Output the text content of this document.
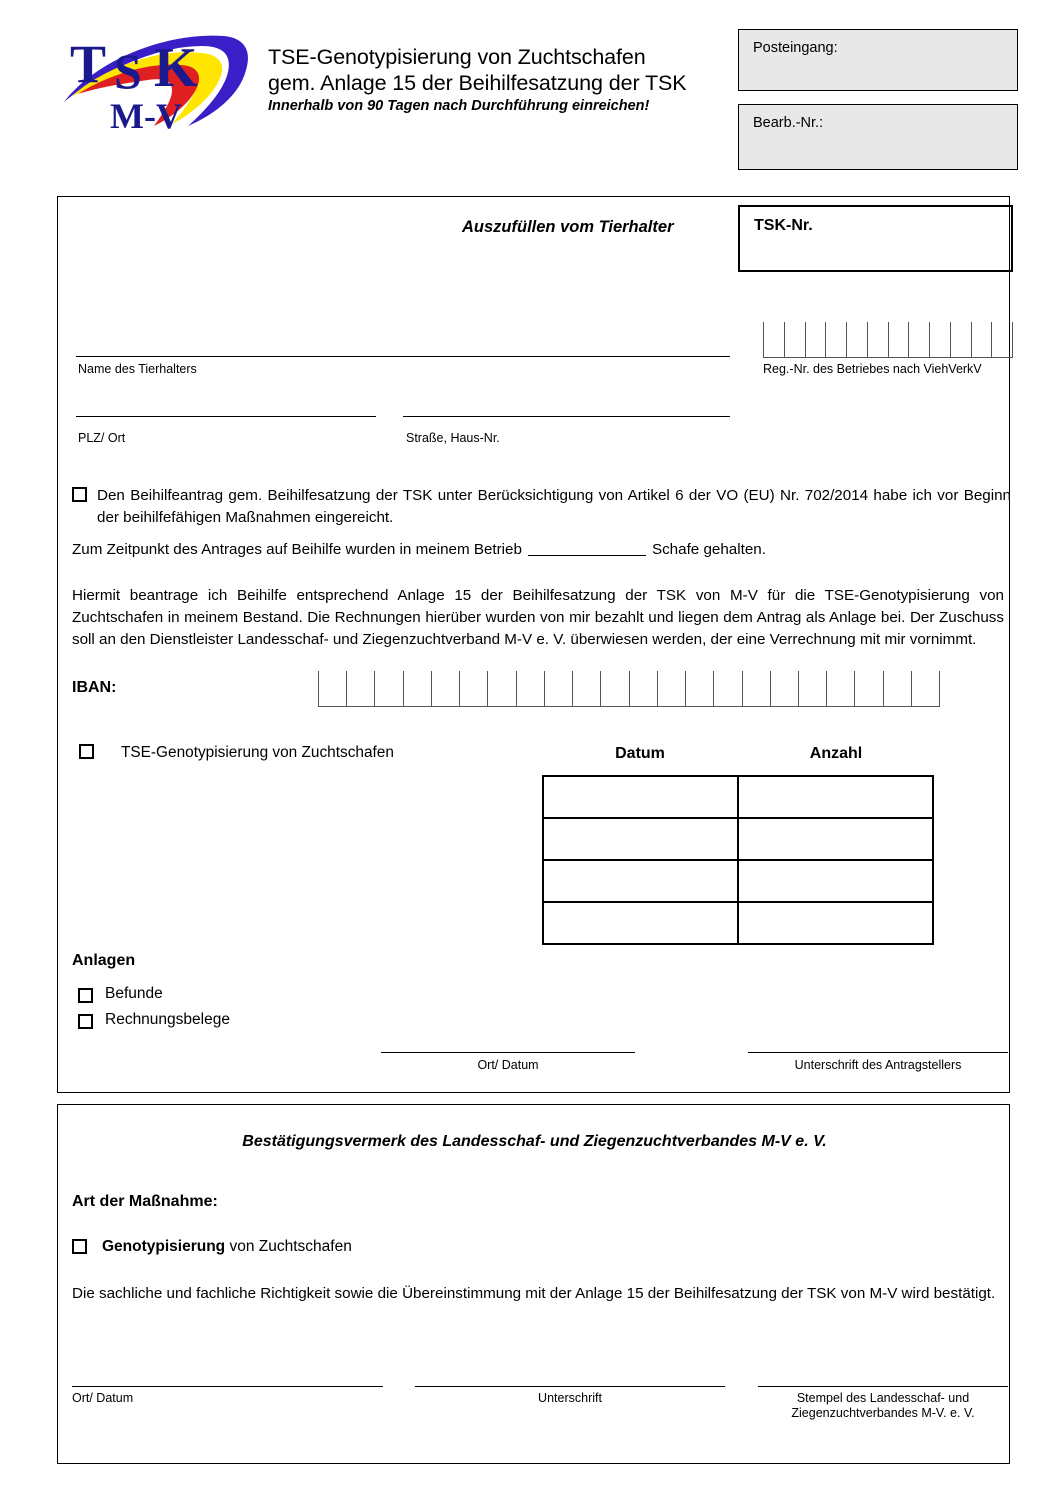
T S K
M-V
TSE-Genotypisierung von Zuchtschafen
gem. Anlage 15 der Beihilfesatzung der TSK
Innerhalb von 90 Tagen nach Durchführung einreichen!
Posteingang:
Bearb.-Nr.:
Auszufüllen vom Tierhalter	TSK-Nr.
Name des Tierhalters	Reg.-Nr. des Betriebes nach ViehVerkV
PLZ/ Ort	Straße, Haus-Nr.
Den Beihilfeantrag gem. Beihilfesatzung der TSK unter Berücksichtigung von Artikel 6 der VO (EU) Nr. 702/2014 habe ich vor Beginn der beihilfefähigen Maßnahmen eingereicht.
Zum Zeitpunkt des Antrages auf Beihilfe wurden in meinem Betrieb	Schafe gehalten.
Hiermit beantrage ich Beihilfe entsprechend Anlage 15 der Beihilfesatzung der TSK von M-V für die TSE-Genotypisierung von Zuchtschafen in meinem Bestand. Die Rechnungen hierüber wurden von mir bezahlt und liegen dem Antrag als Anlage bei. Der Zuschuss soll an den Dienstleister Landesschaf- und Ziegenzuchtverband M-V e. V. überwiesen werden, der eine Verrechnung mit mir vornimmt.
IBAN:
TSE-Genotypisierung von Zuchtschafen	Datum	Anzahl

Anlagen
Befunde
Rechnungsbelege
Ort/ Datum	Unterschrift des Antragstellers
Bestätigungsvermerk des Landesschaf- und Ziegenzuchtverbandes M-V e. V.
Art der Maßnahme:
Genotypisierung von Zuchtschafen
Die sachliche und fachliche Richtigkeit sowie die Übereinstimmung mit der Anlage 15 der Beihilfesatzung der TSK von M-V wird bestätigt.
Ort/ Datum	Unterschrift	Stempel des Landesschaf- und
Ziegenzuchtverbandes M-V. e. V.
